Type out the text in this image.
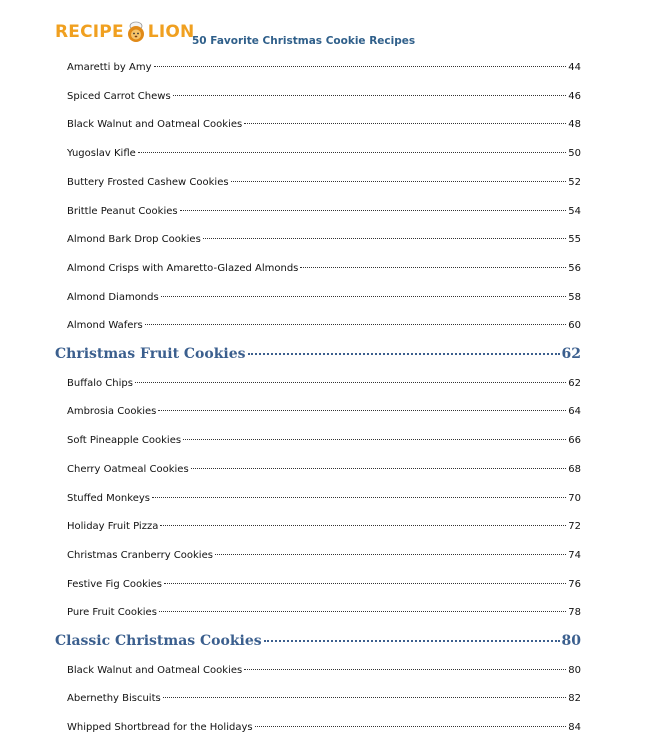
RECIPE LION
50 Favorite Christmas Cookie Recipes
Amaretti by Amy	44
Spiced Carrot Chews	46
Black Walnut and Oatmeal Cookies	48
Yugoslav Kifle	50
Buttery Frosted Cashew Cookies	52
Brittle Peanut Cookies	54
Almond Bark Drop Cookies	55
Almond Crisps with Amaretto-Glazed Almonds	56
Almond Diamonds	58
Almond Wafers	60
Christmas Fruit Cookies	62
Buffalo Chips	62
Ambrosia Cookies	64
Soft Pineapple Cookies	66
Cherry Oatmeal Cookies	68
Stuffed Monkeys	70
Holiday Fruit Pizza	72
Christmas Cranberry Cookies	74
Festive Fig Cookies	76
Pure Fruit Cookies	78
Classic Christmas Cookies	80
Black Walnut and Oatmeal Cookies	80
Abernethy Biscuits	82
Whipped Shortbread for the Holidays	84
